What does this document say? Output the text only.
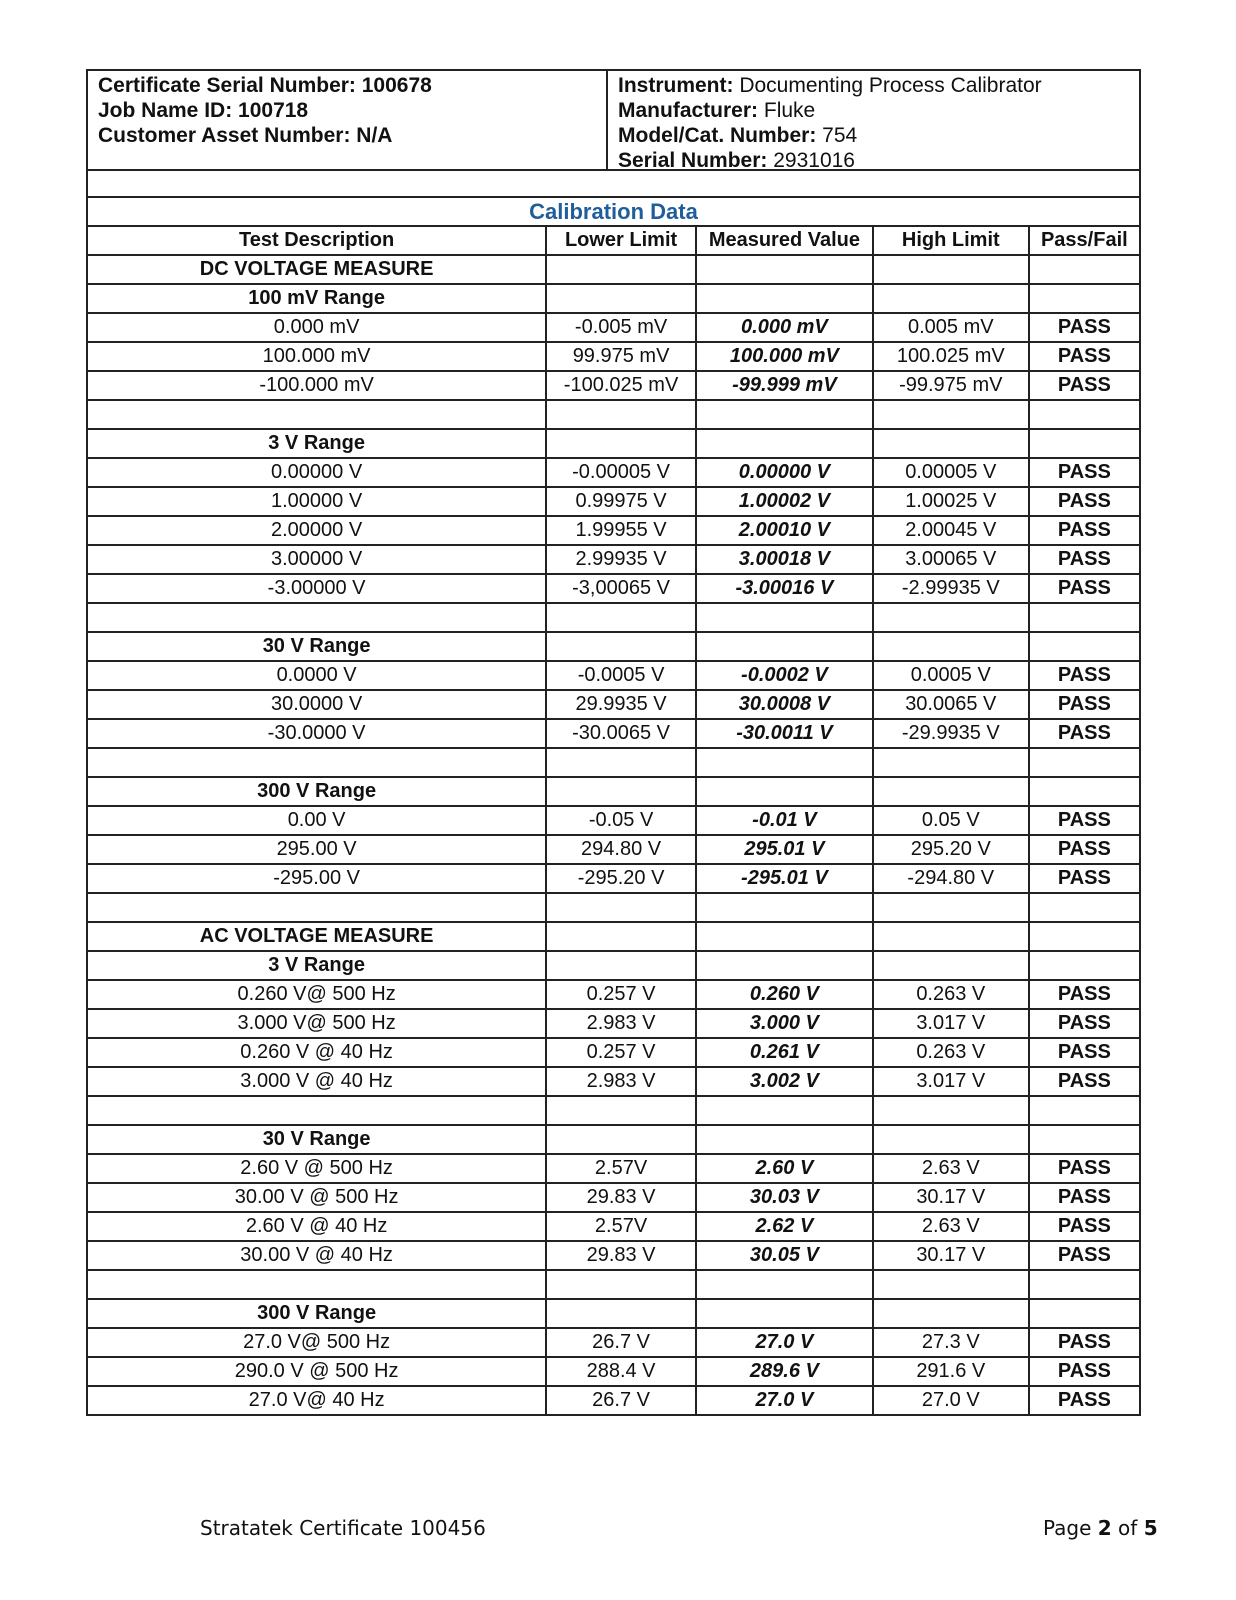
Certificate Serial Number: 100678
Job Name ID: 100718
Customer Asset Number: N/A
Instrument: Documenting Process Calibrator
Manufacturer: Fluke
Model/Cat. Number: 754
Serial Number: 2931016
Calibration Data				
Test Description	Lower Limit	Measured Value	High Limit	Pass/Fail
DC VOLTAGE MEASURE				
100 mV Range				
0.000 mV	-0.005 mV	0.000 mV	0.005 mV	PASS
100.000 mV	99.975 mV	100.000 mV	100.025 mV	PASS
-100.000 mV	-100.025 mV	-99.999 mV	-99.975 mV	PASS

3 V Range				
0.00000 V	-0.00005 V	0.00000 V	0.00005 V	PASS
1.00000 V	0.99975 V	1.00002 V	1.00025 V	PASS
2.00000 V	1.99955 V	2.00010 V	2.00045 V	PASS
3.00000 V	2.99935 V	3.00018 V	3.00065 V	PASS
-3.00000 V	-3,00065 V	-3.00016 V	-2.99935 V	PASS

30 V Range				
0.0000 V	-0.0005 V	-0.0002 V	0.0005 V	PASS
30.0000 V	29.9935 V	30.0008 V	30.0065 V	PASS
-30.0000 V	-30.0065 V	-30.0011 V	-29.9935 V	PASS

300 V Range				
0.00 V	-0.05 V	-0.01 V	0.05 V	PASS
295.00 V	294.80 V	295.01 V	295.20 V	PASS
-295.00 V	-295.20 V	-295.01 V	-294.80 V	PASS

AC VOLTAGE MEASURE				
3 V Range				
0.260 V@ 500 Hz	0.257 V	0.260 V	0.263 V	PASS
3.000 V@ 500 Hz	2.983 V	3.000 V	3.017 V	PASS
0.260 V @ 40 Hz	0.257 V	0.261 V	0.263 V	PASS
3.000 V @ 40 Hz	2.983 V	3.002 V	3.017 V	PASS

30 V Range				
2.60 V @ 500 Hz	2.57V	2.60 V	2.63 V	PASS
30.00 V @ 500 Hz	29.83 V	30.03 V	30.17 V	PASS
2.60 V @ 40 Hz	2.57V	2.62 V	2.63 V	PASS
30.00 V @ 40 Hz	29.83 V	30.05 V	30.17 V	PASS

300 V Range				
27.0 V@ 500 Hz	26.7 V	27.0 V	27.3 V	PASS
290.0 V @ 500 Hz	288.4 V	289.6 V	291.6 V	PASS
27.0 V@ 40 Hz	26.7 V	27.0 V	27.0 V	PASS
Stratatek Certificate 100456	Page 2 of 5
